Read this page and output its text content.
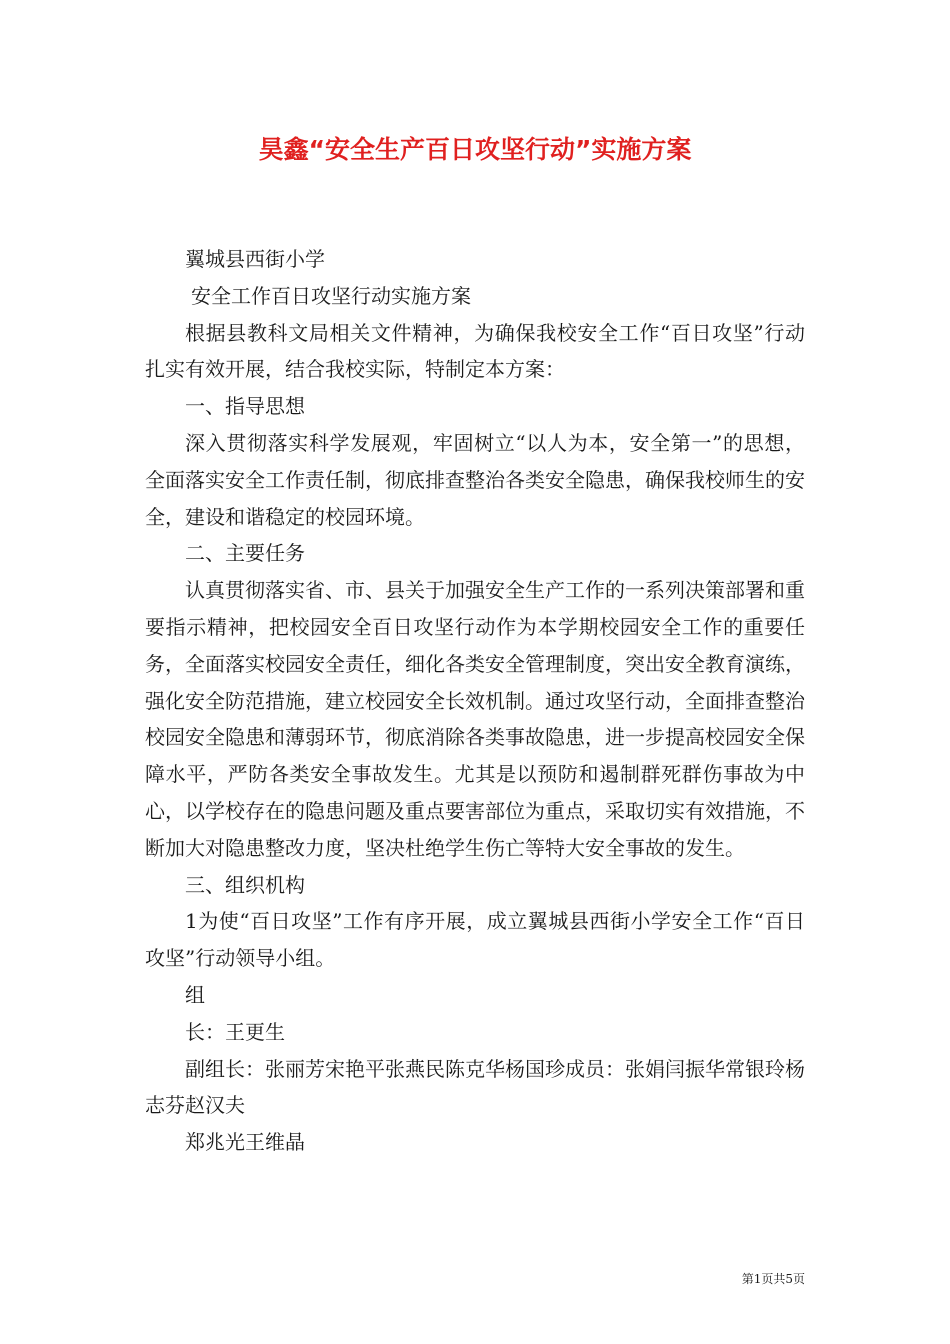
昊鑫“安全生产百日攻坚行动”实施方案

翼城县西街小学

安全工作百日攻坚行动实施方案

根据县教科文局相关文件精神，为确保我校安全工作“百日攻坚”行动扎实有效开展，结合我校实际，特制定本方案：

一、指导思想

深入贯彻落实科学发展观，牢固树立“以人为本，安全第一”的思想，全面落实安全工作责任制，彻底排查整治各类安全隐患，确保我校师生的安全，建设和谐稳定的校园环境。

二、主要任务

认真贯彻落实省、市、县关于加强安全生产工作的一系列决策部署和重要指示精神，把校园安全百日攻坚行动作为本学期校园安全工作的重要任务，全面落实校园安全责任，细化各类安全管理制度，突出安全教育演练，强化安全防范措施，建立校园安全长效机制。通过攻坚行动，全面排查整治校园安全隐患和薄弱环节，彻底消除各类事故隐患，进一步提高校园安全保障水平，严防各类安全事故发生。尤其是以预防和遏制群死群伤事故为中心，以学校存在的隐患问题及重点要害部位为重点，采取切实有效措施，不断加大对隐患整改力度，坚决杜绝学生伤亡等特大安全事故的发生。

三、组织机构

1为使“百日攻坚”工作有序开展，成立翼城县西街小学安全工作“百日攻坚”行动领导小组。

组

长：王更生

副组长：张丽芳宋艳平张燕民陈克华杨国珍成员：张娟闫振华常银玲杨志芬赵汉夫

郑兆光王维晶

第1页共5页
